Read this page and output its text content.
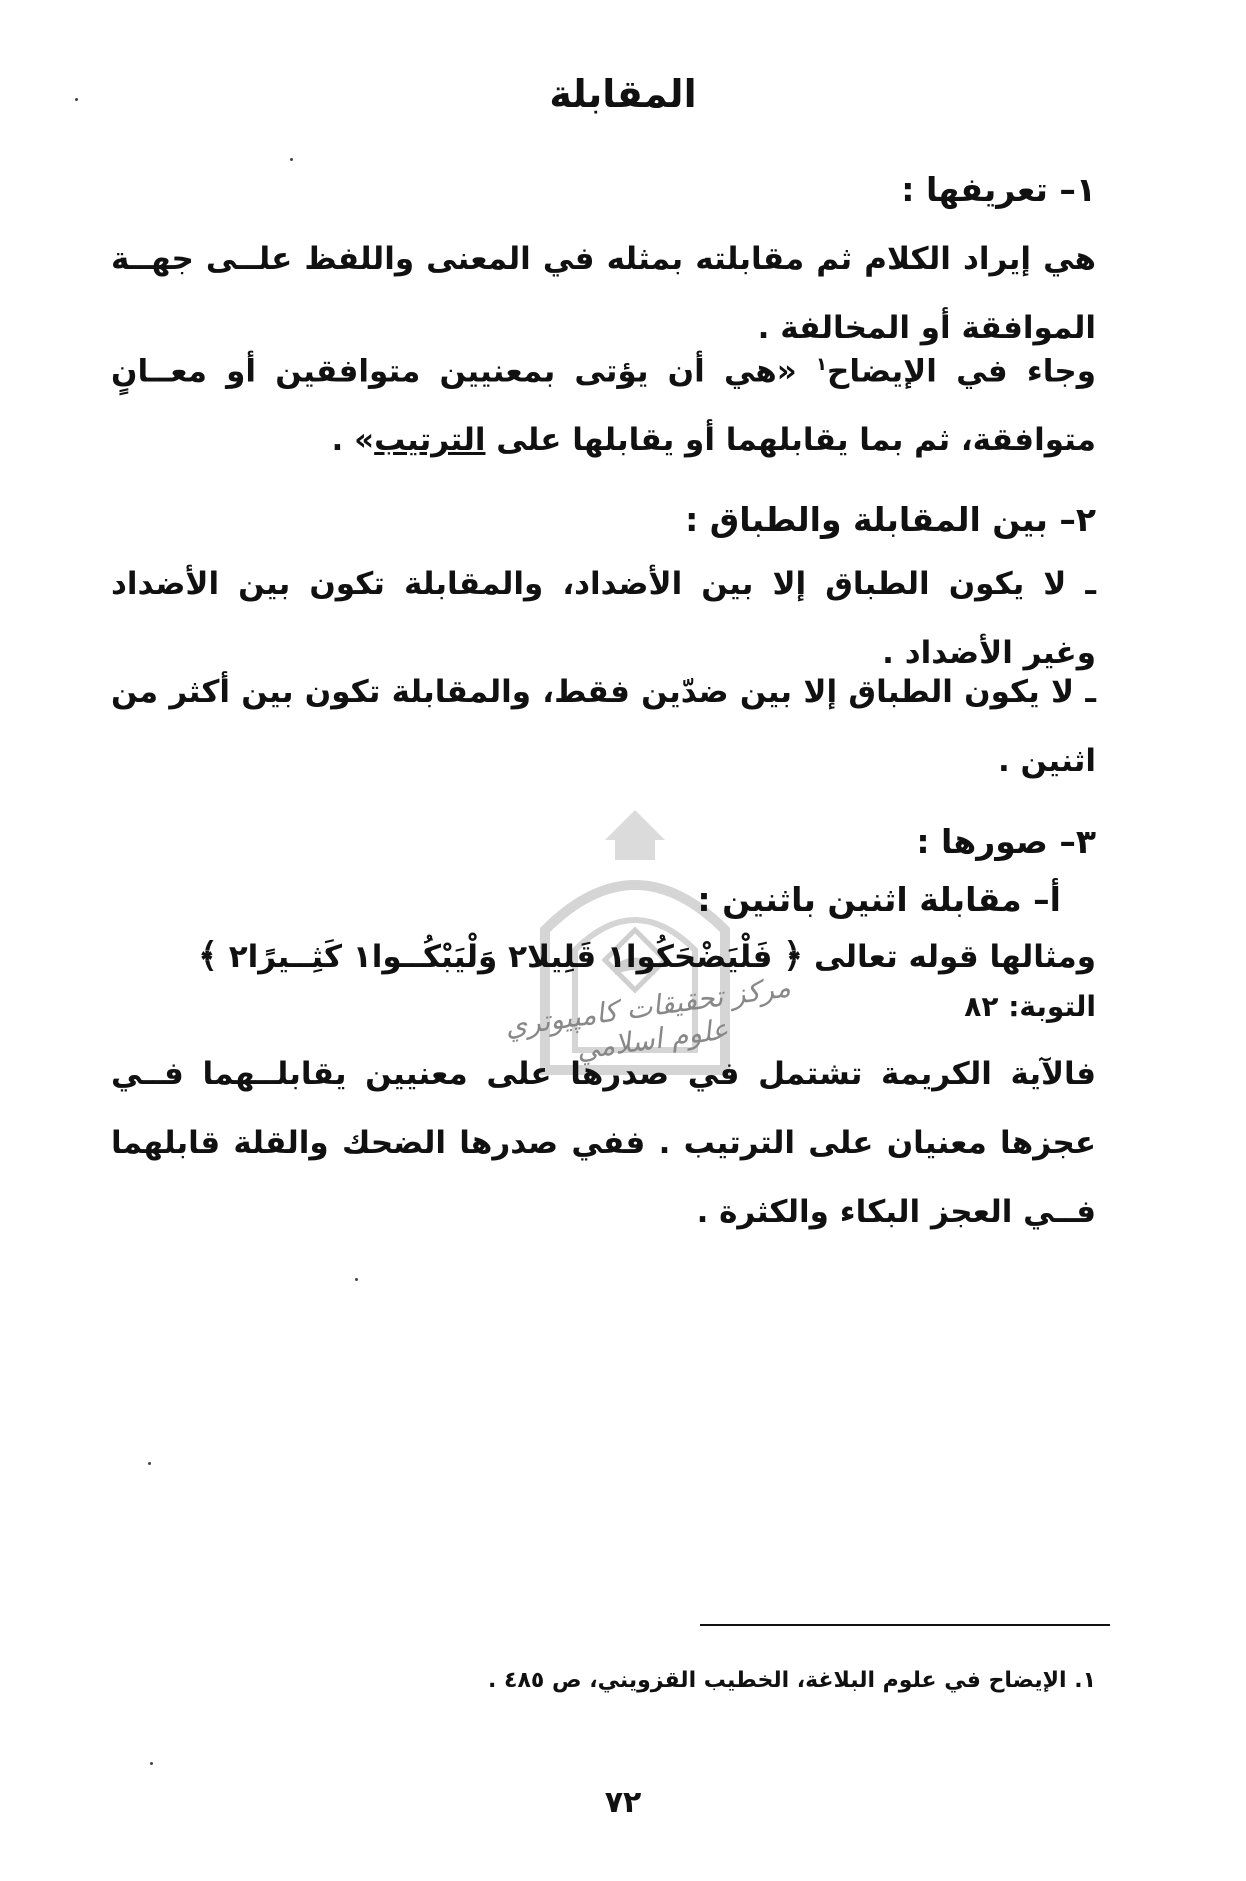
المقابلة
١– تعريفها :
هي إيراد الكلام ثم مقابلته بمثله في المعنى واللفظ علــى جهــة الموافقة أو المخالفة .
وجاء في الإيضاح$^١$ «هي أن يؤتى بمعنيين متوافقين أو معــانٍ متوافقة، ثم بما يقابلهما أو يقابلها على الترتيب» .
٢– بين المقابلة والطباق :
ـ لا يكون الطباق إلا بين الأضداد، والمقابلة تكون بين الأضداد وغير الأضداد .
ـ لا يكون الطباق إلا بين ضدّين فقط، والمقابلة تكون بين أكثر من اثنين .
مركز تحقيقات كامپيوتري علوم اسلامي
٣– صورها :
أ– مقابلة اثنين باثنين :
ومثالها قوله تعالى ﴿ فَلْيَضْحَكُوا١ قَلِيلا٢ وَلْيَبْكُــوا١ كَثِــيرًا٢ ﴾
التوبة: ٨٢
فالآية الكريمة تشتمل في صدرها على معنيين يقابلــهما فــي عجزها معنيان على الترتيب . ففي صدرها الضحك والقلة قابلهما فــي العجز البكاء والكثرة .
١. الإيضاح في علوم البلاغة، الخطيب القزويني، ص ٤٨٥ .
٧٢
